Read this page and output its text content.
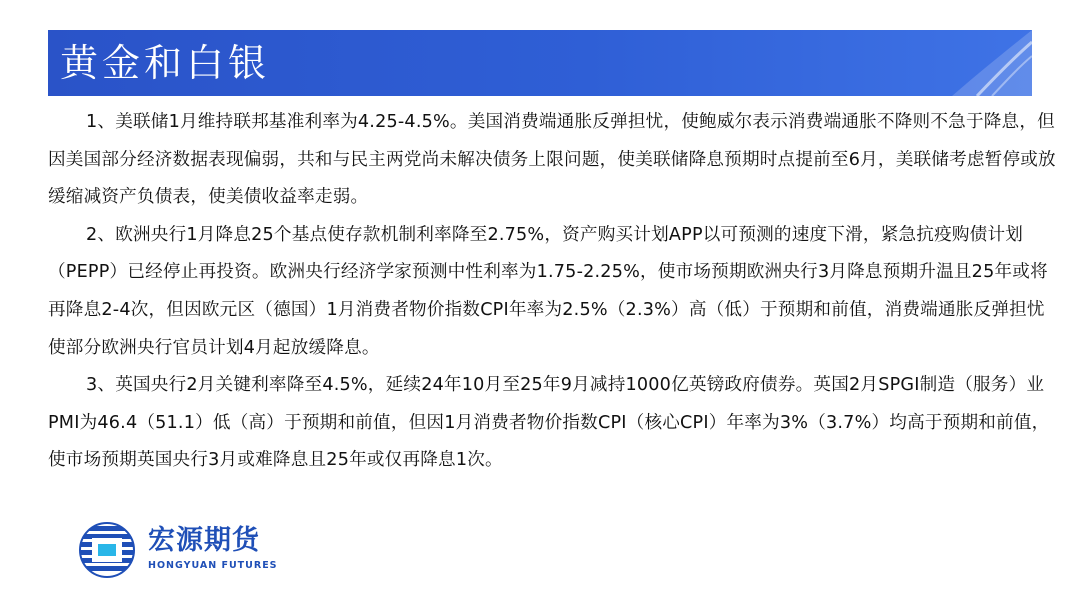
黄金和白银

1、美联储1月维持联邦基准利率为4.25-4.5%。美国消费端通胀反弹担忧，使鲍威尔表示消费端通胀不降则不急于降息，但因美国部分经济数据表现偏弱，共和与民主两党尚未解决债务上限问题，使美联储降息预期时点提前至6月，美联储考虑暂停或放缓缩减资产负债表，使美债收益率走弱。

2、欧洲央行1月降息25个基点使存款机制利率降至2.75%，资产购买计划APP以可预测的速度下滑，紧急抗疫购债计划（PEPP）已经停止再投资。欧洲央行经济学家预测中性利率为1.75-2.25%，使市场预期欧洲央行3月降息预期升温且25年或将再降息2-4次，但因欧元区（德国）1月消费者物价指数CPI年率为2.5%（2.3%）高（低）于预期和前值，消费端通胀反弹担忧使部分欧洲央行官员计划4月起放缓降息。

3、英国央行2月关键利率降至4.5%，延续24年10月至25年9月减持1000亿英镑政府债券。英国2月SPGI制造（服务）业PMI为46.4（51.1）低（高）于预期和前值，但因1月消费者物价指数CPI（核心CPI）年率为3%（3.7%）均高于预期和前值，使市场预期英国央行3月或难降息且25年或仅再降息1次。

宏源期货
HONGYUAN FUTURES
